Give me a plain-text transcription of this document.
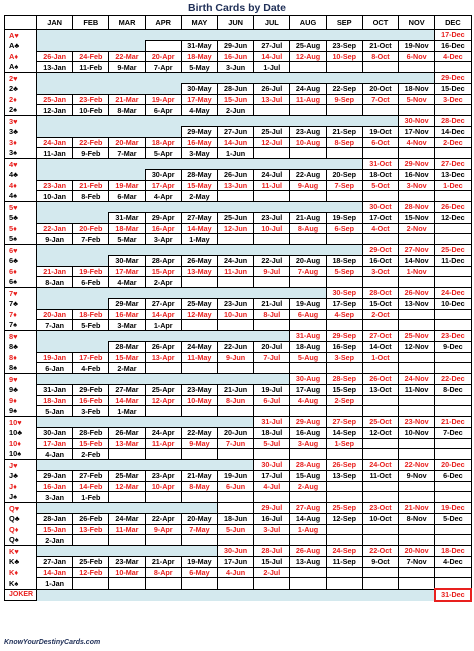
Birth Cards by Date
	JAN	FEB	MAR	APR	MAY	JUN	JUL	AUG	SEP	OCT	NOV	DEC
A♥												17-Dec
A♣					31-May	29-Jun	27-Jul	25-Aug	23-Sep	21-Oct	19-Nov	16-Dec
A♦	26-Jan	24-Feb	22-Mar	20-Apr	18-May	16-Jun	14-Jul	12-Aug	10-Sep	8-Oct	6-Nov	4-Dec
A♠	13-Jan	11-Feb	9-Mar	7-Apr	5-May	3-Jun	1-Jul					
2♥												29-Dec
2♣					30-May	28-Jun	26-Jul	24-Aug	22-Sep	20-Oct	18-Nov	15-Dec
2♦	25-Jan	23-Feb	21-Mar	19-Apr	17-May	15-Jun	13-Jul	11-Aug	9-Sep	7-Oct	5-Nov	3-Dec
2♠	12-Jan	10-Feb	8-Mar	6-Apr	4-May	2-Jun						
3♥											30-Nov	28-Dec
3♣					29-May	27-Jun	25-Jul	23-Aug	21-Sep	19-Oct	17-Nov	14-Dec
3♦	24-Jan	22-Feb	20-Mar	18-Apr	16-May	14-Jun	12-Jul	10-Aug	8-Sep	6-Oct	4-Nov	2-Dec
3♠	11-Jan	9-Feb	7-Mar	5-Apr	3-May	1-Jun						
4♥										31-Oct	29-Nov	27-Dec
4♣				30-Apr	28-May	26-Jun	24-Jul	22-Aug	20-Sep	18-Oct	16-Nov	13-Dec
4♦	23-Jan	21-Feb	19-Mar	17-Apr	15-May	13-Jun	11-Jul	9-Aug	7-Sep	5-Oct	3-Nov	1-Dec
4♠	10-Jan	8-Feb	6-Mar	4-Apr	2-May							
5♥										30-Oct	28-Nov	26-Dec
5♣			31-Mar	29-Apr	27-May	25-Jun	23-Jul	21-Aug	19-Sep	17-Oct	15-Nov	12-Dec
5♦	22-Jan	20-Feb	18-Mar	16-Apr	14-May	12-Jun	10-Jul	8-Aug	6-Sep	4-Oct	2-Nov	
5♠	9-Jan	7-Feb	5-Mar	3-Apr	1-May							
6♥										29-Oct	27-Nov	25-Dec
6♣			30-Mar	28-Apr	26-May	24-Jun	22-Jul	20-Aug	18-Sep	16-Oct	14-Nov	11-Dec
6♦	21-Jan	19-Feb	17-Mar	15-Apr	13-May	11-Jun	9-Jul	7-Aug	5-Sep	3-Oct	1-Nov	
6♠	8-Jan	6-Feb	4-Mar	2-Apr								
7♥									30-Sep	28-Oct	26-Nov	24-Dec
7♣			29-Mar	27-Apr	25-May	23-Jun	21-Jul	19-Aug	17-Sep	15-Oct	13-Nov	10-Dec
7♦	20-Jan	18-Feb	16-Mar	14-Apr	12-May	10-Jun	8-Jul	6-Aug	4-Sep	2-Oct		
7♠	7-Jan	5-Feb	3-Mar	1-Apr								
8♥								31-Aug	29-Sep	27-Oct	25-Nov	23-Dec
8♣			28-Mar	26-Apr	24-May	22-Jun	20-Jul	18-Aug	16-Sep	14-Oct	12-Nov	9-Dec
8♦	19-Jan	17-Feb	15-Mar	13-Apr	11-May	9-Jun	7-Jul	5-Aug	3-Sep	1-Oct		
8♠	6-Jan	4-Feb	2-Mar									
9♥								30-Aug	28-Sep	26-Oct	24-Nov	22-Dec
9♣	31-Jan	29-Feb	27-Mar	25-Apr	23-May	21-Jun	19-Jul	17-Aug	15-Sep	13-Oct	11-Nov	8-Dec
9♦	18-Jan	16-Feb	14-Mar	12-Apr	10-May	8-Jun	6-Jul	4-Aug	2-Sep			
9♠	5-Jan	3-Feb	1-Mar									
10♥							31-Jul	29-Aug	27-Sep	25-Oct	23-Nov	21-Dec
10♣	30-Jan	28-Feb	26-Mar	24-Apr	22-May	20-Jun	18-Jul	16-Aug	14-Sep	12-Oct	10-Nov	7-Dec
10♦	17-Jan	15-Feb	13-Mar	11-Apr	9-May	7-Jun	5-Jul	3-Aug	1-Sep			
10♠	4-Jan	2-Feb										
J♥							30-Jul	28-Aug	26-Sep	24-Oct	22-Nov	20-Dec
J♣	29-Jan	27-Feb	25-Mar	23-Apr	21-May	19-Jun	17-Jul	15-Aug	13-Sep	11-Oct	9-Nov	6-Dec
J♦	16-Jan	14-Feb	12-Mar	10-Apr	8-May	6-Jun	4-Jul	2-Aug				
J♠	3-Jan	1-Feb										
Q♥							29-Jul	27-Aug	25-Sep	23-Oct	21-Nov	19-Dec
Q♣	28-Jan	26-Feb	24-Mar	22-Apr	20-May	18-Jun	16-Jul	14-Aug	12-Sep	10-Oct	8-Nov	5-Dec
Q♦	15-Jan	13-Feb	11-Mar	9-Apr	7-May	5-Jun	3-Jul	1-Aug				
Q♠	2-Jan											
K♥						30-Jun	28-Jul	26-Aug	24-Sep	22-Oct	20-Nov	18-Dec
K♣	27-Jan	25-Feb	23-Mar	21-Apr	19-May	17-Jun	15-Jul	13-Aug	11-Sep	9-Oct	7-Nov	4-Dec
K♦	14-Jan	12-Feb	10-Mar	8-Apr	6-May	4-Jun	2-Jul					
K♠	1-Jan											
JOKER												31-Dec
KnowYourDestinyCards.com
